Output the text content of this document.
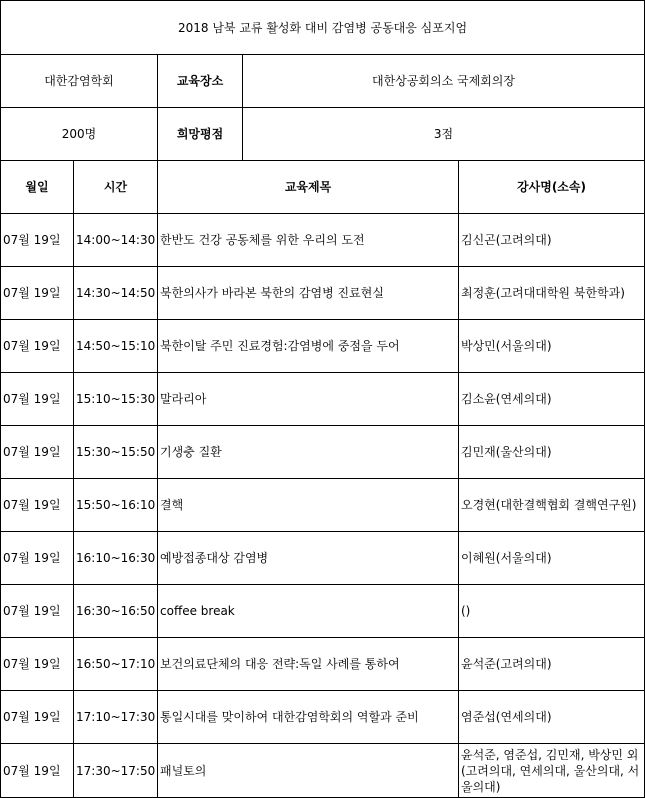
2018 남북 교류 활성화 대비 감염병 공동대응 심포지엄				
대한감염학회		교육장소	대한상공회의소 국제회의장	
200명		희망평점	3점	
월일	시간	교육제목		강사명(소속)
07월 19일	14:00~14:30	한반도 건강 공동체를 위한 우리의 도전		김신곤(고려의대)
07월 19일	14:30~14:50	북한의사가 바라본 북한의 감염병 진료현실		최정훈(고려대대학원 북한학과)
07월 19일	14:50~15:10	북한이탈 주민 진료경험:감염병에 중점을 두어		박상민(서울의대)
07월 19일	15:10~15:30	말라리아		김소윤(연세의대)
07월 19일	15:30~15:50	기생충 질환		김민재(울산의대)
07월 19일	15:50~16:10	결핵		오경현(대한결핵협회 결핵연구원)
07월 19일	16:10~16:30	예방접종대상 감염병		이혜원(서울의대)
07월 19일	16:30~16:50	coffee break		()
07월 19일	16:50~17:10	보건의료단체의 대응 전략:독일 사례를 통하여		윤석준(고려의대)
07월 19일	17:10~17:30	통일시대를 맞이하여 대한감염학회의 역할과 준비		염준섭(연세의대)
07월 19일	17:30~17:50	패널토의		윤석준, 염준섭, 김민재, 박상민 외(고려의대, 연세의대, 울산의대, 서울의대)
